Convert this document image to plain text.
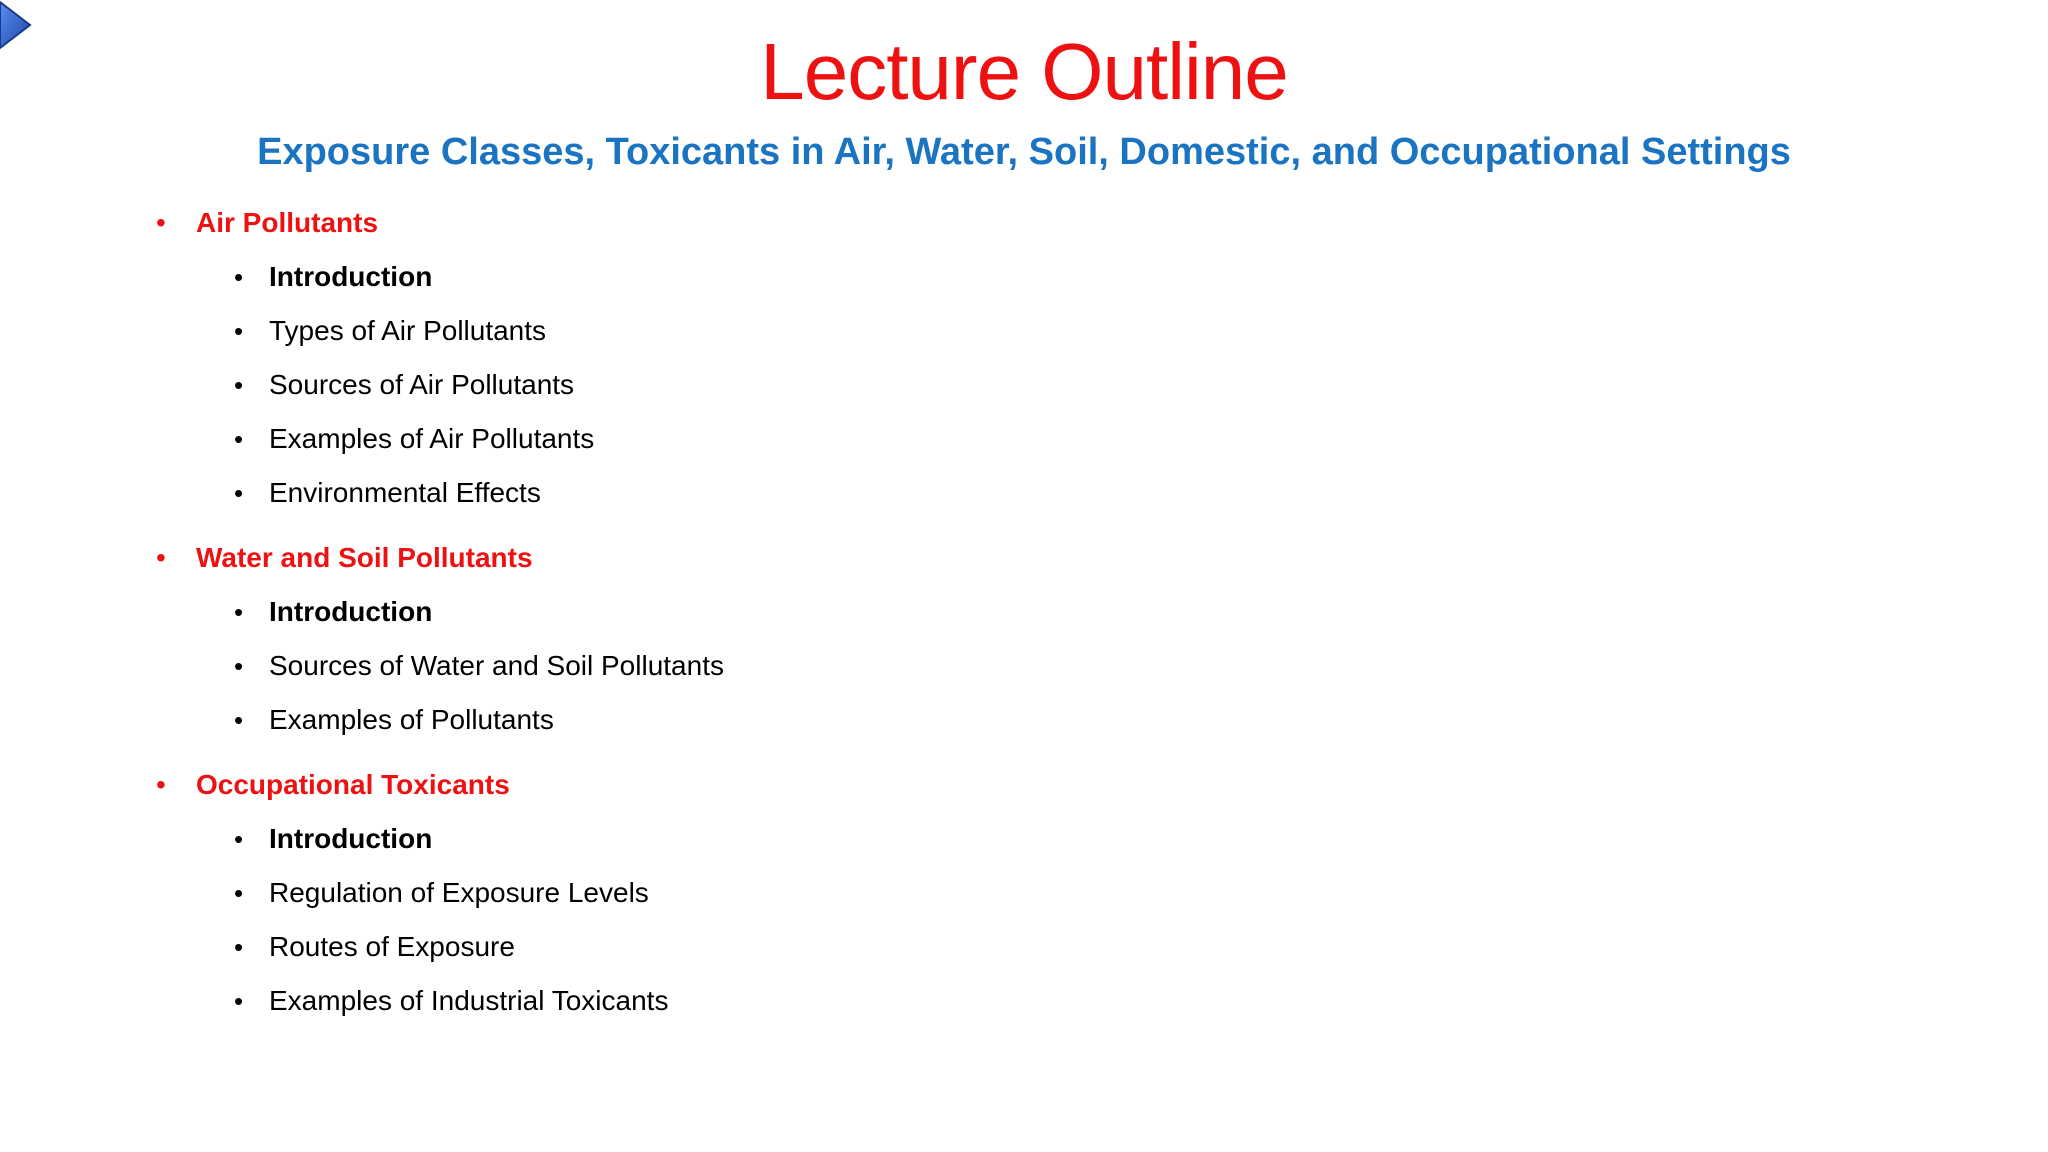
Lecture Outline
Exposure Classes, Toxicants in Air, Water, Soil, Domestic, and Occupational Settings
• Air Pollutants
• Introduction
• Types of Air Pollutants
• Sources of Air Pollutants
• Examples of Air Pollutants
• Environmental Effects
• Water and Soil Pollutants
• Introduction
• Sources of Water and Soil Pollutants
• Examples of Pollutants
• Occupational Toxicants
• Introduction
• Regulation of Exposure Levels
• Routes of Exposure
• Examples of Industrial Toxicants
